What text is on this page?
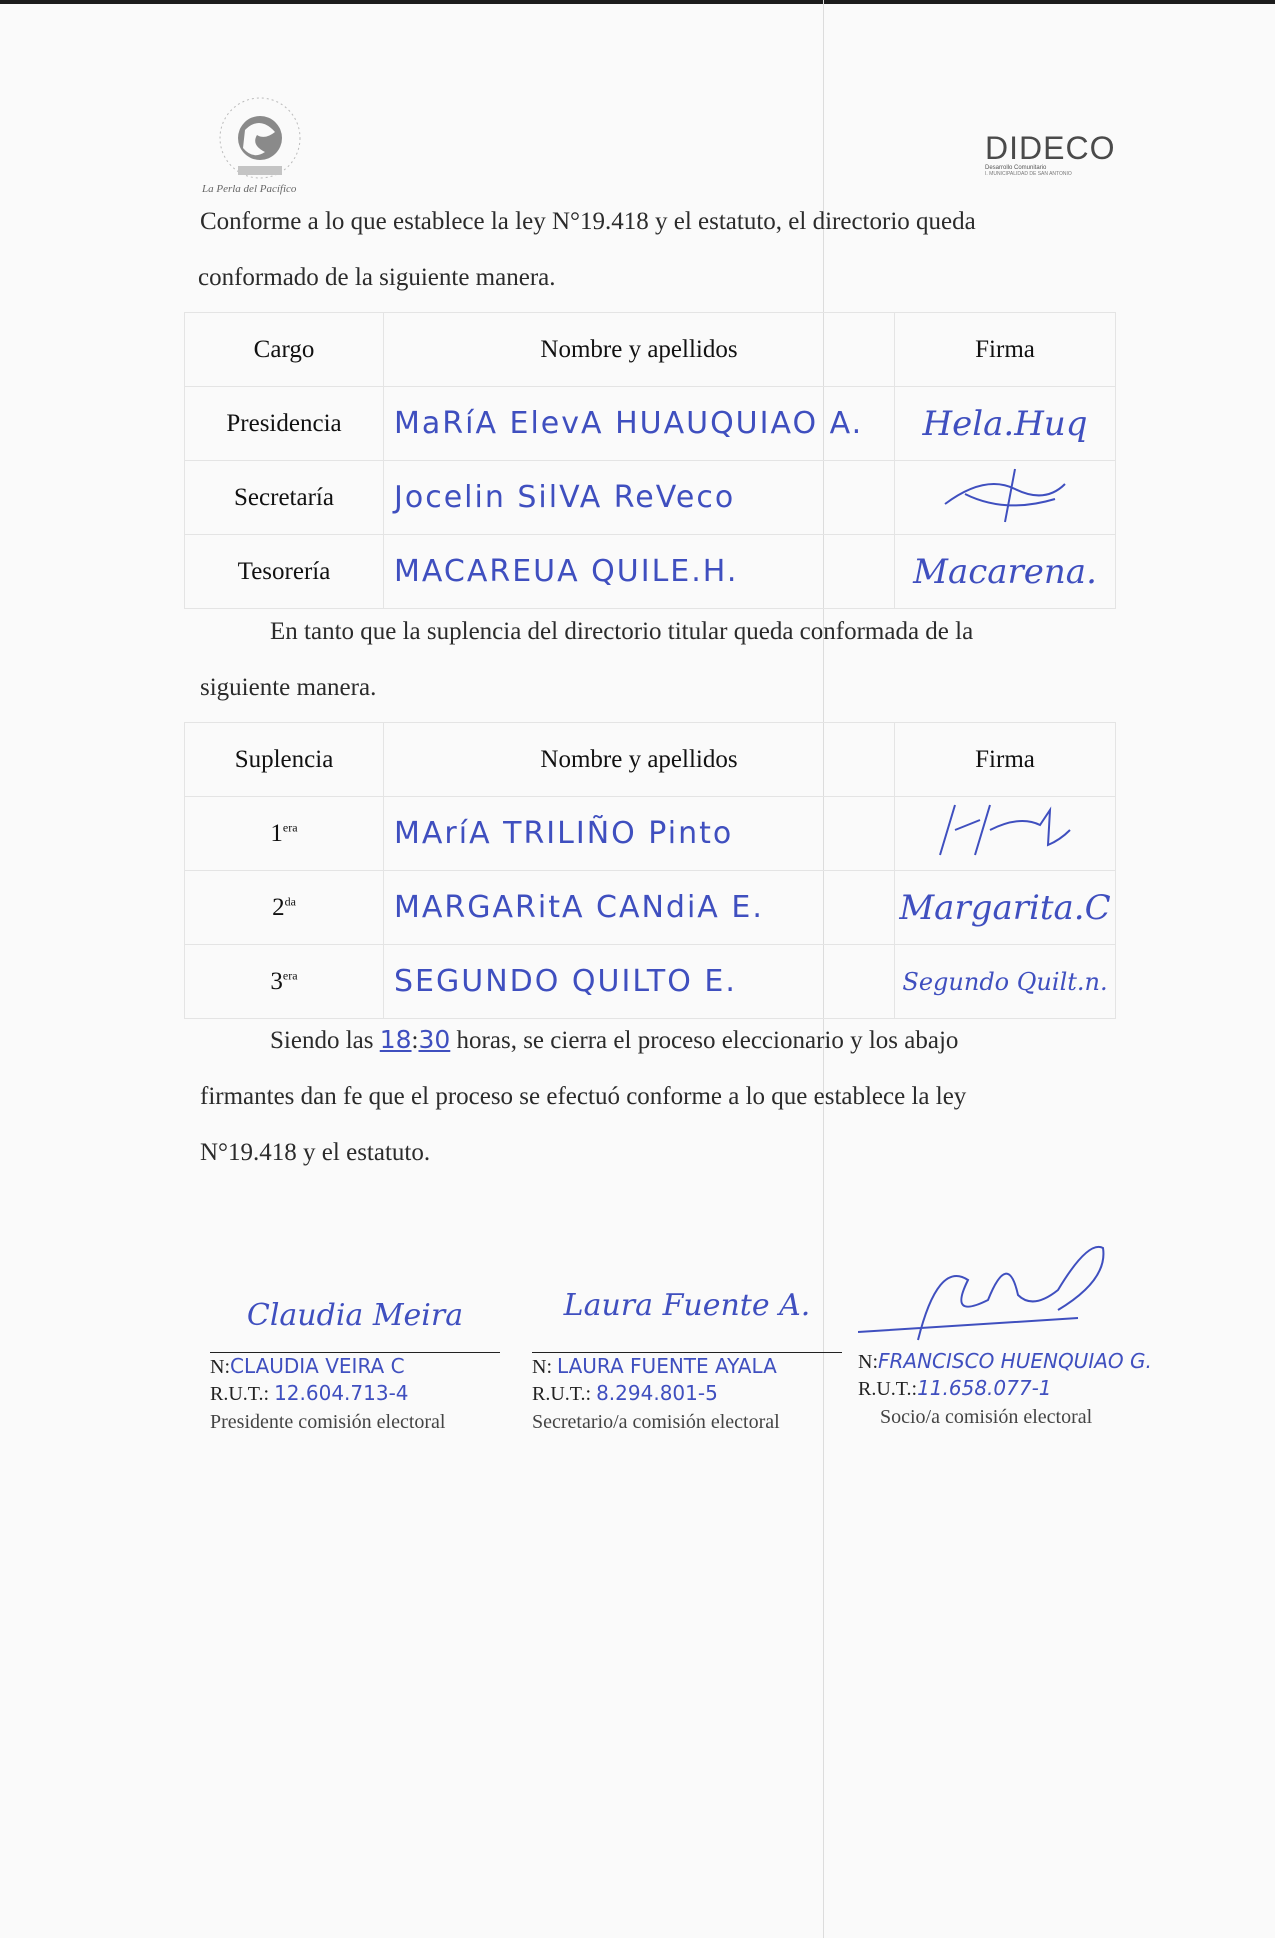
La Perla del Pacífico
DIDECO
Desarrollo Comunitario
I. MUNICIPALIDAD DE SAN ANTONIO
Conforme a lo que establece la ley N°19.418 y el estatuto, el directorio queda
conformado de la siguiente manera.
Cargo	Nombre y apellidos	Firma
Presidencia	MaRíA ElevA HUAUQUIAO A.	Hela.Huq
Secretaría	Jocelin SilVA ReVeco	
Tesorería	MACAREUA QUILE.H.	Macarena.
En tanto que la suplencia del directorio titular queda conformada de la
siguiente manera.
Suplencia	Nombre y apellidos	Firma
$1^{era}$	MAríA TRILIÑO Pinto	
$2^{da}$	MARGARitA CANdiA E.	Margarita.C
$3^{era}$	SEGUNDO QUILTO E.	Segundo Quilt.n.
Siendo las 18:30 horas, se cierra el proceso eleccionario y los abajo
firmantes dan fe que el proceso se efectuó conforme a lo que establece la ley
N°19.418 y el estatuto.
Claudia Meira
N:CLAUDIA VEIRA C
R.U.T.: 12.604.713-4
Presidente comisión electoral
Laura Fuente A.
N: LAURA FUENTE AYALA
R.U.T.: 8.294.801-5
Secretario/a comisión electoral
N:FRANCISCO HUENQUIAO G.
R.U.T.:11.658.077-1
Socio/a comisión electoral
